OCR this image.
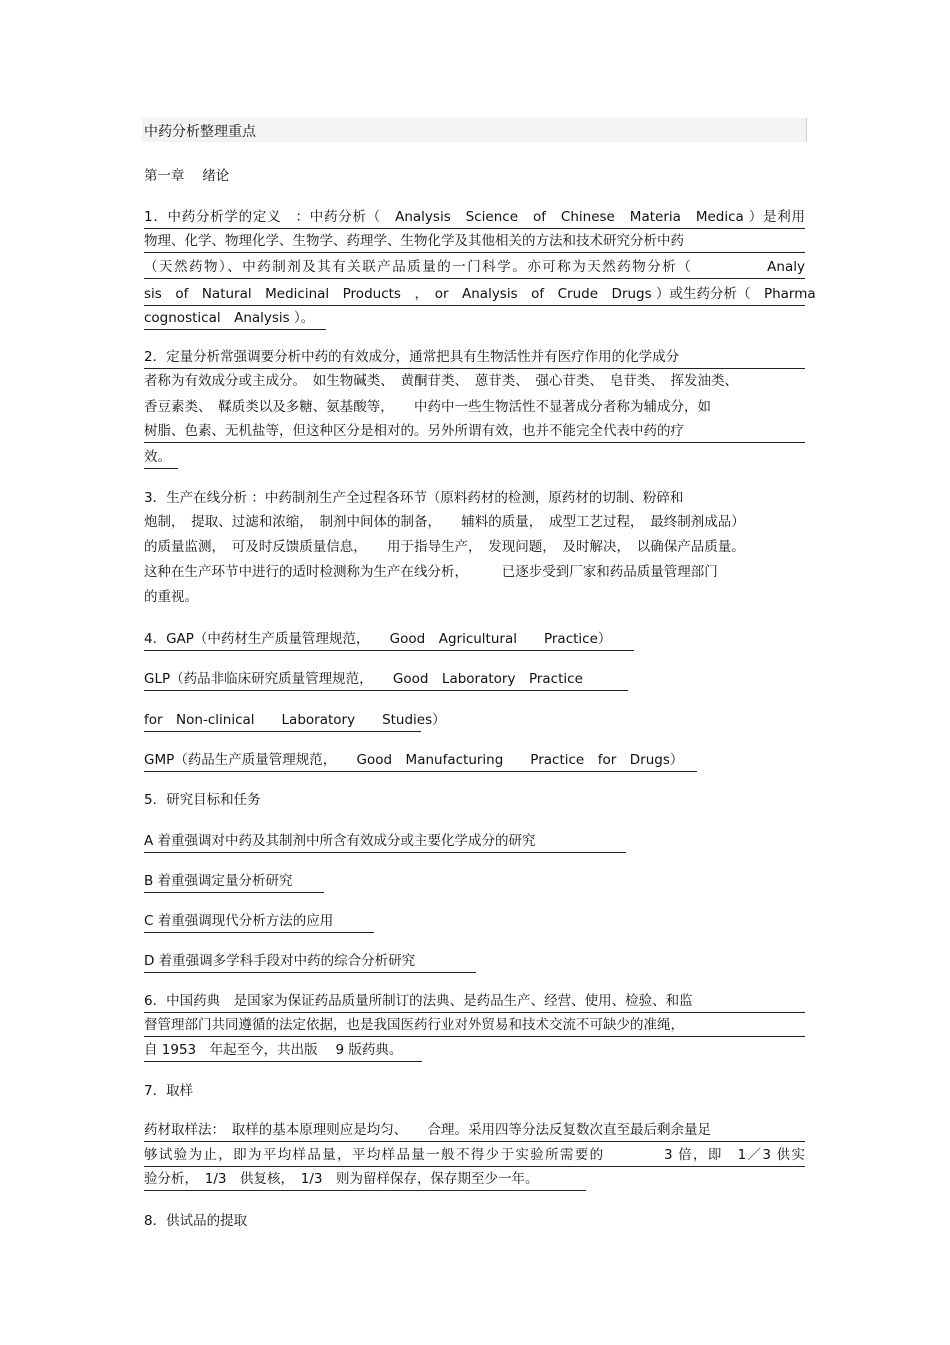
中药分析整理重点
第一章　 绪论
1．中药分析学的定义　：中药分析（　Analysis　Science　of　Chinese　Materia　Medica ）是利用
物理、化学、物理化学、生物学、药理学、生物化学及其他相关的方法和技术研究分析中药
（天然药物）、中药制剂及其有关联产品质量的一门科学。亦可称为天然药物分析（　　　　　Analy
sis　of　Natural　Medicinal　Products　，　or　Analysis　of　Crude　Drugs ）或生药分析（　Pharma
cognostical　Analysis ）。
2．定量分析常强调要分析中药的有效成分，通常把具有生物活性并有医疗作用的化学成分
者称为有效成分或主成分。　如生物碱类、　黄酮苷类、　蒽苷类、　强心苷类、　皂苷类、　挥发油类、
香豆素类、　鞣质类以及多糖、氨基酸等，　　中药中一些生物活性不显著成分者称为辅成分，如
树脂、色素、无机盐等，但这种区分是相对的。另外所谓有效，也并不能完全代表中药的疗
效。
3．生产在线分析 ：中药制剂生产全过程各环节（原料药材的检测，原药材的切制、粉碎和
炮制，　提取、过滤和浓缩，　制剂中间体的制备，　　辅料的质量，　成型工艺过程，　最终制剂成品）
的质量监测，　可及时反馈质量信息，　　用于指导生产，　发现问题，　及时解决，　以确保产品质量。
这种在生产环节中进行的适时检测称为生产在线分析，　　　已逐步受到厂家和药品质量管理部门
的重视。
4．GAP（中药材生产质量管理规范，　　Good　Agricultural　　Practice）
GLP（药品非临床研究质量管理规范，　　Good　Laboratory　Practice
for　Non-clinical　　Laboratory　　Studies）
GMP（药品生产质量管理规范，　　Good　Manufacturing　　Practice　for　Drugs）
5．研究目标和任务
A 着重强调对中药及其制剂中所含有效成分或主要化学成分的研究
B 着重强调定量分析研究
C 着重强调现代分析方法的应用
D 着重强调多学科手段对中药的综合分析研究
6．中国药典　是国家为保证药品质量所制订的法典、是药品生产、经营、使用、检验、和监
督管理部门共同遵循的法定依据，也是我国医药行业对外贸易和技术交流不可缺少的准绳，
自 1953　年起至今，共出版　 9 版药典。
7．取样
药材取样法：　取样的基本原理则应是均匀、　　合理。采用四等分法反复数次直至最后剩余量足
够试验为止，即为平均样品量，平均样品量一般不得少于实验所需要的　　　　3 倍，即　1／3 供实
验分析，　1/3　供复核，　1/3　则为留样保存，保存期至少一年。
8．供试品的提取
